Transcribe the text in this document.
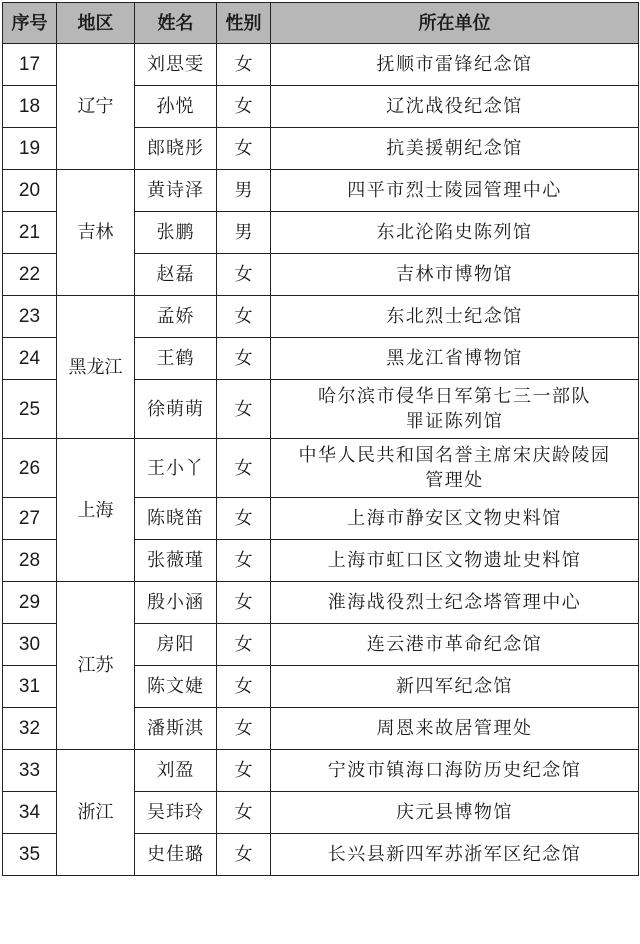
序号	地区	姓名	性别	所在单位
17	辽宁	刘思雯	女	抚顺市雷锋纪念馆

18		孙悦	女	辽沈战役纪念馆

19		郎晓彤	女	抗美援朝纪念馆

20	吉林	黄诗泽	男	四平市烈士陵园管理中心

21		张鹏	男	东北沦陷史陈列馆

22		赵磊	女	吉林市博物馆

23	黑龙江	孟娇	女	东北烈士纪念馆

24		王鹤	女	黑龙江省博物馆

25		徐萌萌	女	哈尔滨市侵华日军第七三一部队
罪证陈列馆

26	上海	王小丫	女	中华人民共和国名誉主席宋庆龄陵园
管理处

27		陈晓笛	女	上海市静安区文物史料馆

28		张薇瑾	女	上海市虹口区文物遗址史料馆

29	江苏	殷小涵	女	淮海战役烈士纪念塔管理中心

30		房阳	女	连云港市革命纪念馆

31		陈文婕	女	新四军纪念馆

32		潘斯淇	女	周恩来故居管理处

33	浙江	刘盈	女	宁波市镇海口海防历史纪念馆

34		吴玮玲	女	庆元县博物馆

35		史佳璐	女	长兴县新四军苏浙军区纪念馆
